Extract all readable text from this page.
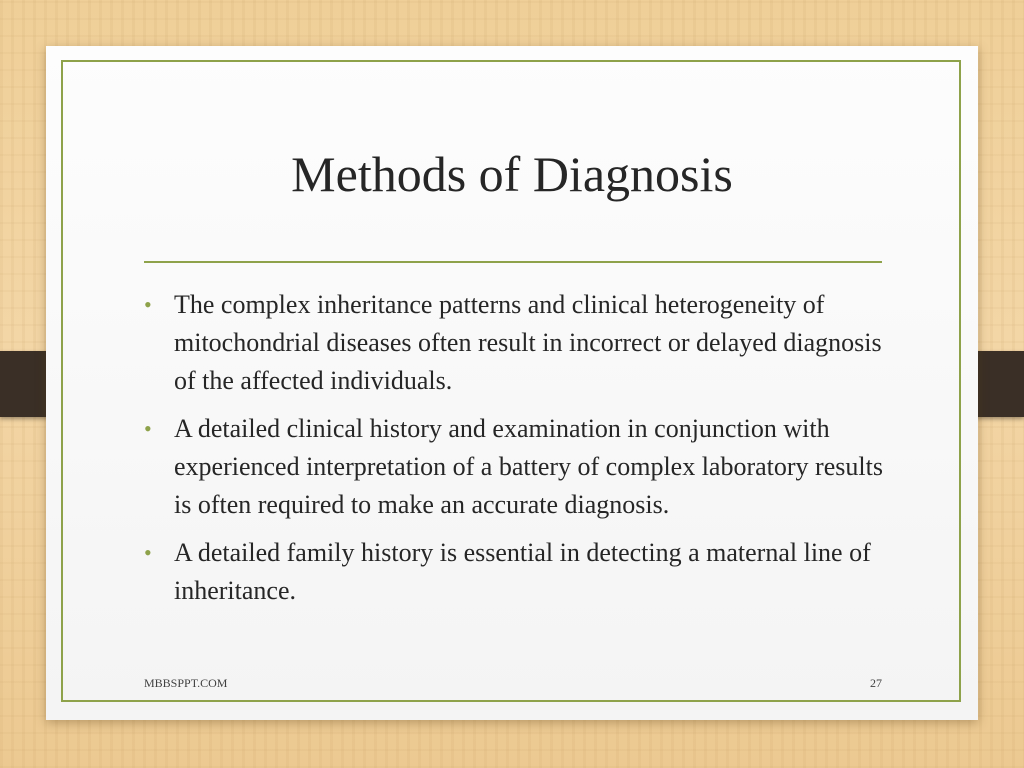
Methods of Diagnosis
• The complex inheritance patterns and clinical heterogeneity of mitochondrial diseases often result in incorrect or delayed diagnosis of the affected individuals.
• A detailed clinical history and examination in conjunction with experienced interpretation of a battery of complex laboratory results is often required to make an accurate diagnosis.
• A detailed family history is essential in detecting a maternal line of inheritance.
MBBSPPT.COM	27
